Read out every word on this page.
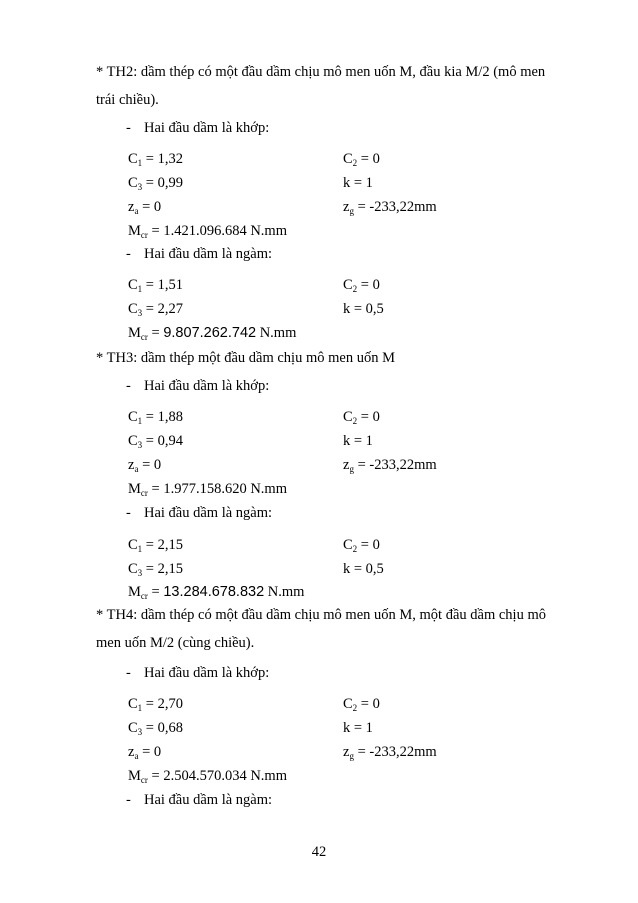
* TH2: dầm thép có một đầu dầm chịu mô men uốn M, đầu kia M/2 (mô men
trái chiều).
- Hai đầu dầm là khớp:
$C_1 = 1,32$	$C_2 = 0$
$C_3 = 0,99$	k = 1
$z_a = 0$	$z_g = -233,22mm$
$M_{cr} = 1.421.096.684$ N.mm
- Hai đầu dầm là ngàm:
$C_1 = 1,51$	$C_2 = 0$
$C_3 = 2,27$	k = 0,5
$M_{cr} = 9.807.262.742$ N.mm
* TH3: dầm thép một đầu dầm chịu mô men uốn M
- Hai đầu dầm là khớp:
$C_1 = 1,88$	$C_2 = 0$
$C_3 = 0,94$	k = 1
$z_a = 0$	$z_g = -233,22mm$
$M_{cr} = 1.977.158.620$ N.mm
- Hai đầu dầm là ngàm:
$C_1 = 2,15$	$C_2 = 0$
$C_3 = 2,15$	k = 0,5
$M_{cr} = 13.284.678.832$ N.mm
* TH4: dầm thép có một đầu dầm chịu mô men uốn M, một đầu dầm chịu mô
men uốn M/2 (cùng chiều).
- Hai đầu dầm là khớp:
$C_1 = 2,70$	$C_2 = 0$
$C_3 = 0,68$	k = 1
$z_a = 0$	$z_g = -233,22mm$
$M_{cr} = 2.504.570.034$ N.mm
- Hai đầu dầm là ngàm:
42
